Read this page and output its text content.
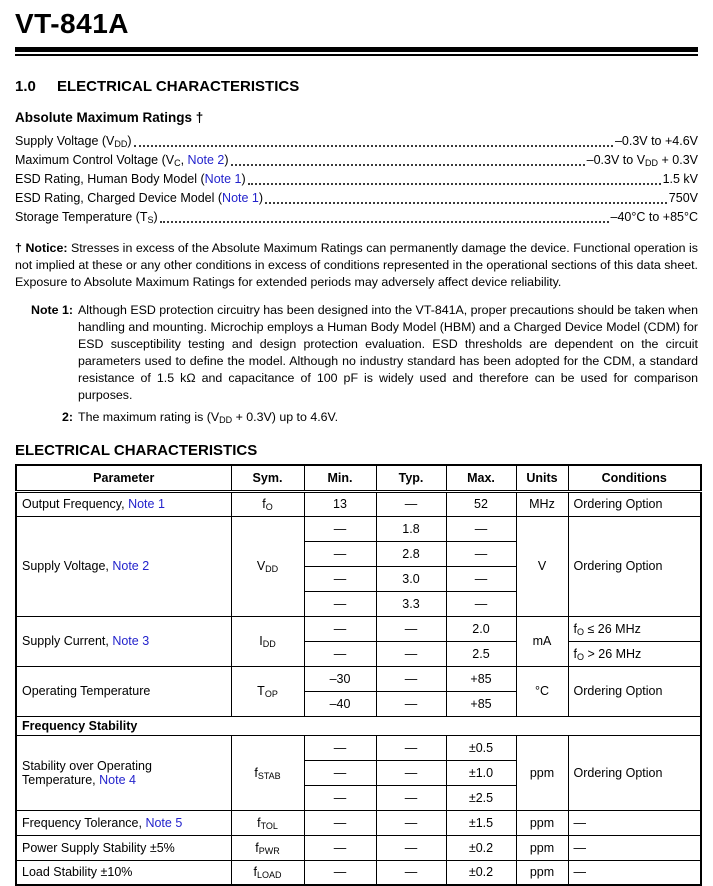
VT-841A
1.0 ELECTRICAL CHARACTERISTICS
Absolute Maximum Ratings †
Supply Voltage $(V_{DD})$	–0.3V to +4.6V
Maximum Control Voltage ($V_C$, Note 2)	–0.3V to $V_{DD} + 0.3V$
ESD Rating, Human Body Model (Note 1)	1.5 kV
ESD Rating, Charged Device Model (Note 1)	750V
Storage Temperature $(T_S)$	–40°C to +85°C

† Notice: Stresses in excess of the Absolute Maximum Ratings can permanently damage the device. Functional operation is not implied at these or any other conditions in excess of conditions represented in the operational sections of this data sheet. Exposure to Absolute Maximum Ratings for extended periods may adversely affect device reliability.

Note 1: Although ESD protection circuitry has been designed into the VT-841A, proper precautions should be taken when handling and mounting. Microchip employs a Human Body Model (HBM) and a Charged Device Model (CDM) for ESD susceptibility testing and design protection evaluation. ESD thresholds are dependent on the circuit parameters used to define the model. Although no industry standard has been adopted for the CDM, a standard resistance of 1.5 kΩ and capacitance of 100 pF is widely used and therefore can be used for comparison purposes.
2: The maximum rating is $(V_{DD} + 0.3V)$ up to 4.6V.
ELECTRICAL CHARACTERISTICS
Parameter	Sym.	Min.	Typ.	Max.	Units	Conditions
Output Frequency, Note 1	$f_O$	13	—	52	MHz	Ordering Option
Supply Voltage, Note 2	$V_{DD}$	—	1.8	—	V	Ordering Option
		—	2.8	—		
		—	3.0	—		
		—	3.3	—		
Supply Current, Note 3	$I_{DD}$	—	—	2.0	mA	$f_O \le 26$ MHz
		—	—	2.5		$f_O > 26$ MHz
Operating Temperature	$T_{OP}$	–30	—	+85	°C	Ordering Option
		–40	—	+85		
Frequency Stability						
Stability over Operating Temperature, Note 4	$f_{STAB}$	—	—	±0.5	ppm	Ordering Option
		—	—	±1.0		
		—	—	±2.5		
Frequency Tolerance, Note 5	$f_{TOL}$	—	—	±1.5	ppm	—
Power Supply Stability ±5%	$f_{PWR}$	—	—	±0.2	ppm	—
Load Stability ±10%	$f_{LOAD}$	—	—	±0.2	ppm	—
